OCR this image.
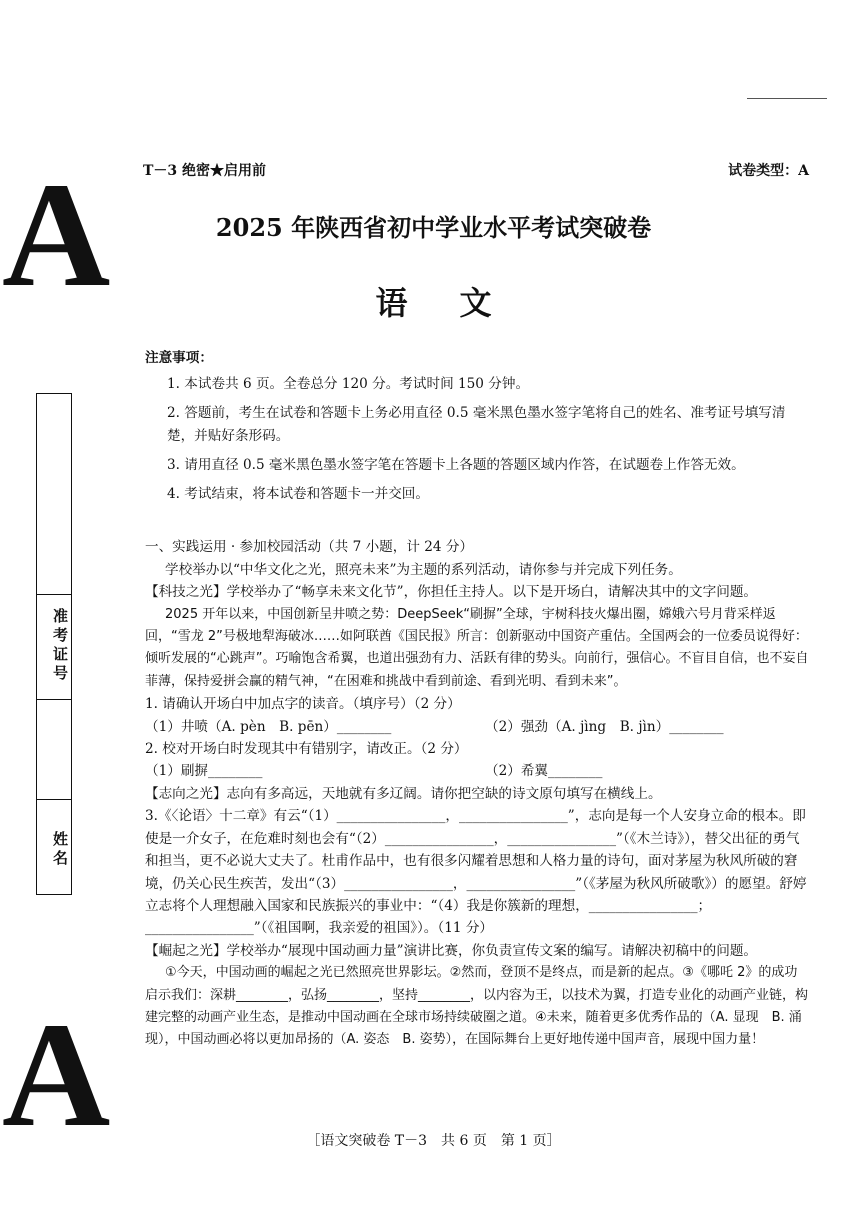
A
A
T－3 绝密★启用前	试卷类型：A
2025 年陕西省初中学业水平考试突破卷
语文
准考证号
姓名

注意事项：

1. 本试卷共 6 页。全卷总分 120 分。考试时间 150 分钟。

2. 答题前，考生在试卷和答题卡上务必用直径 0.5 毫米黑色墨水签字笔将自己的姓名、准考证号填写清楚，并贴好条形码。

3. 请用直径 0.5 毫米黑色墨水签字笔在答题卡上各题的答题区域内作答，在试题卷上作答无效。

4. 考试结束，将本试卷和答题卡一并交回。

一、实践运用 · 参加校园活动（共 7 小题，计 24 分）

学校举办以“中华文化之光，照亮未来”为主题的系列活动，请你参与并完成下列任务。

【科技之光】学校举办了“畅享未来文化节”，你担任主持人。以下是开场白，请解决其中的文字问题。

2025 开年以来，中国创新呈井喷之势：DeepSeek“刷摒”全球，宇树科技火爆出圈，嫦娥六号月背采样返回，“雪龙 2”号极地犁海破冰……如阿联酋《国民报》所言：创新驱动中国资产重估。全国两会的一位委员说得好：倾听发展的“心跳声”。巧喻饱含希翼，也道出强劲有力、活跃有律的势头。向前行，强信心。不盲目自信，也不妄自菲薄，保持爱拼会赢的精气神，“在困难和挑战中看到前途、看到光明、看到未来”。

1. 请确认开场白中加点字的读音。（填序号）（2 分）

（1）井喷（A. pèn　B. pēn）________	（2）强劲（A. jìng　B. jìn）________

2. 校对开场白时发现其中有错别字，请改正。（2 分）

（1）刷摒________	（2）希翼________

【志向之光】志向有多高远，天地就有多辽阔。请你把空缺的诗文原句填写在横线上。

3.《〈论语〉十二章》有云“（1）________________，________________”，志向是每一个人安身立命的根本。即使是一介女子，在危难时刻也会有“（2）________________，________________”（《木兰诗》），替父出征的勇气和担当，更不必说大丈夫了。杜甫作品中，也有很多闪耀着思想和人格力量的诗句，面对茅屋为秋风所破的窘境，仍关心民生疾苦，发出“（3）________________，________________”（《茅屋为秋风所破歌》）的愿望。舒婷立志将个人理想融入国家和民族振兴的事业中：“（4）我是你簇新的理想，________________；________________”（《祖国啊，我亲爱的祖国》）。（11 分）

【崛起之光】学校举办“展现中国动画力量”演讲比赛，你负责宣传文案的编写。请解决初稿中的问题。

①今天，中国动画的崛起之光已然照亮世界影坛。②然而，登顶不是终点，而是新的起点。③《哪吒 2》的成功启示我们：深耕________，弘扬________，坚持________，以内容为王，以技术为翼，打造专业化的动画产业链，构建完整的动画产业生态，是推动中国动画在全球市场持续破圈之道。④未来，随着更多优秀作品的（A. 显现　B. 涌现），中国动画必将以更加昂扬的（A. 姿态　B. 姿势），在国际舞台上更好地传递中国声音，展现中国力量！

［语文突破卷 T－3　共 6 页　第 1 页］
